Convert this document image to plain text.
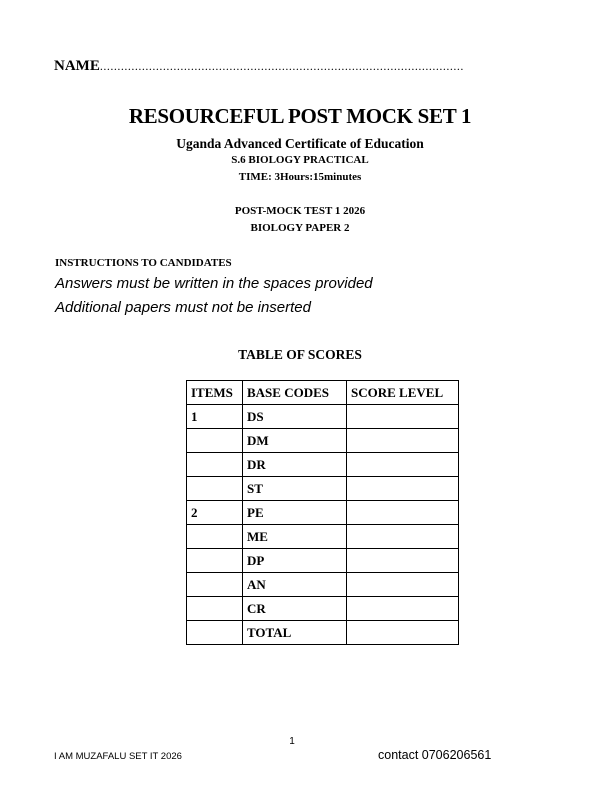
NAME........................................................................................................
RESOURCEFUL POST MOCK SET 1
Uganda Advanced Certificate of Education
S.6 BIOLOGY PRACTICAL
TIME: 3Hours:15minutes
POST-MOCK TEST 1 2026
BIOLOGY PAPER 2
INSTRUCTIONS TO CANDIDATES
Answers must be written in the spaces provided
Additional papers must not be inserted
TABLE OF SCORES
ITEMS	BASE CODES	SCORE LEVEL
1	DS	
	DM	
	DR	
	ST	
2	PE	
	ME	
	DP	
	AN	
	CR	
	TOTAL	
1
I AM MUZAFALU SET IT 2026	contact 0706206561
